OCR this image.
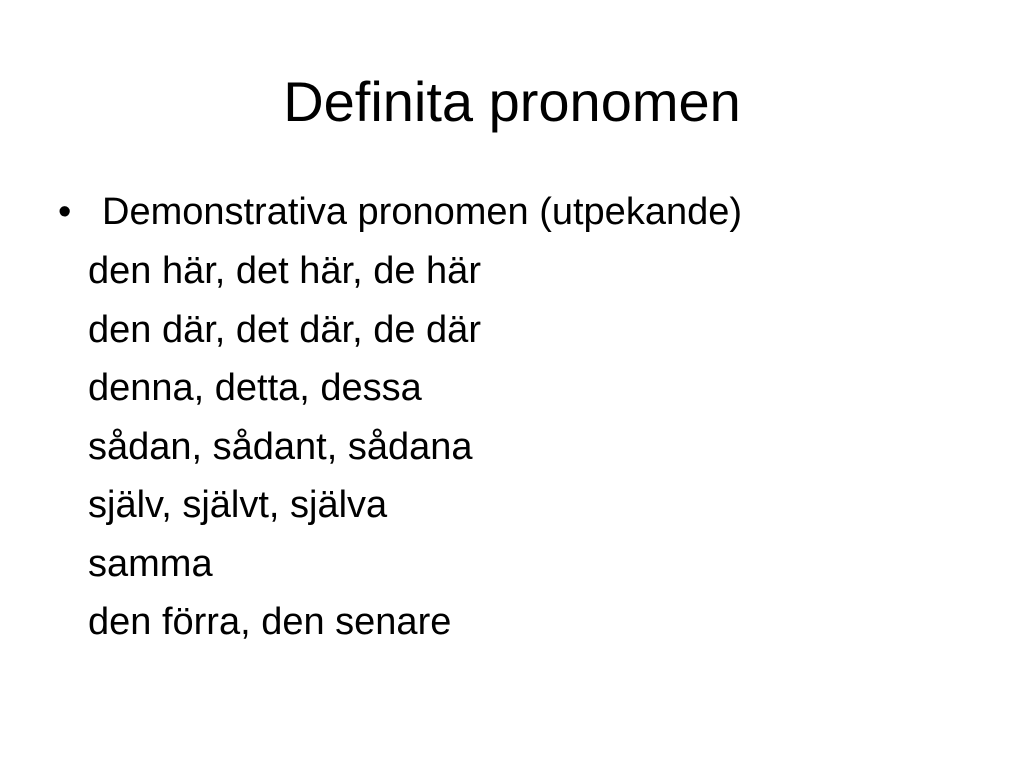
Definita pronomen
• Demonstrativa pronomen (utpekande)
den här, det här, de här
den där, det där, de där
denna, detta, dessa
sådan, sådant, sådana
själv, självt, själva
samma
den förra, den senare
